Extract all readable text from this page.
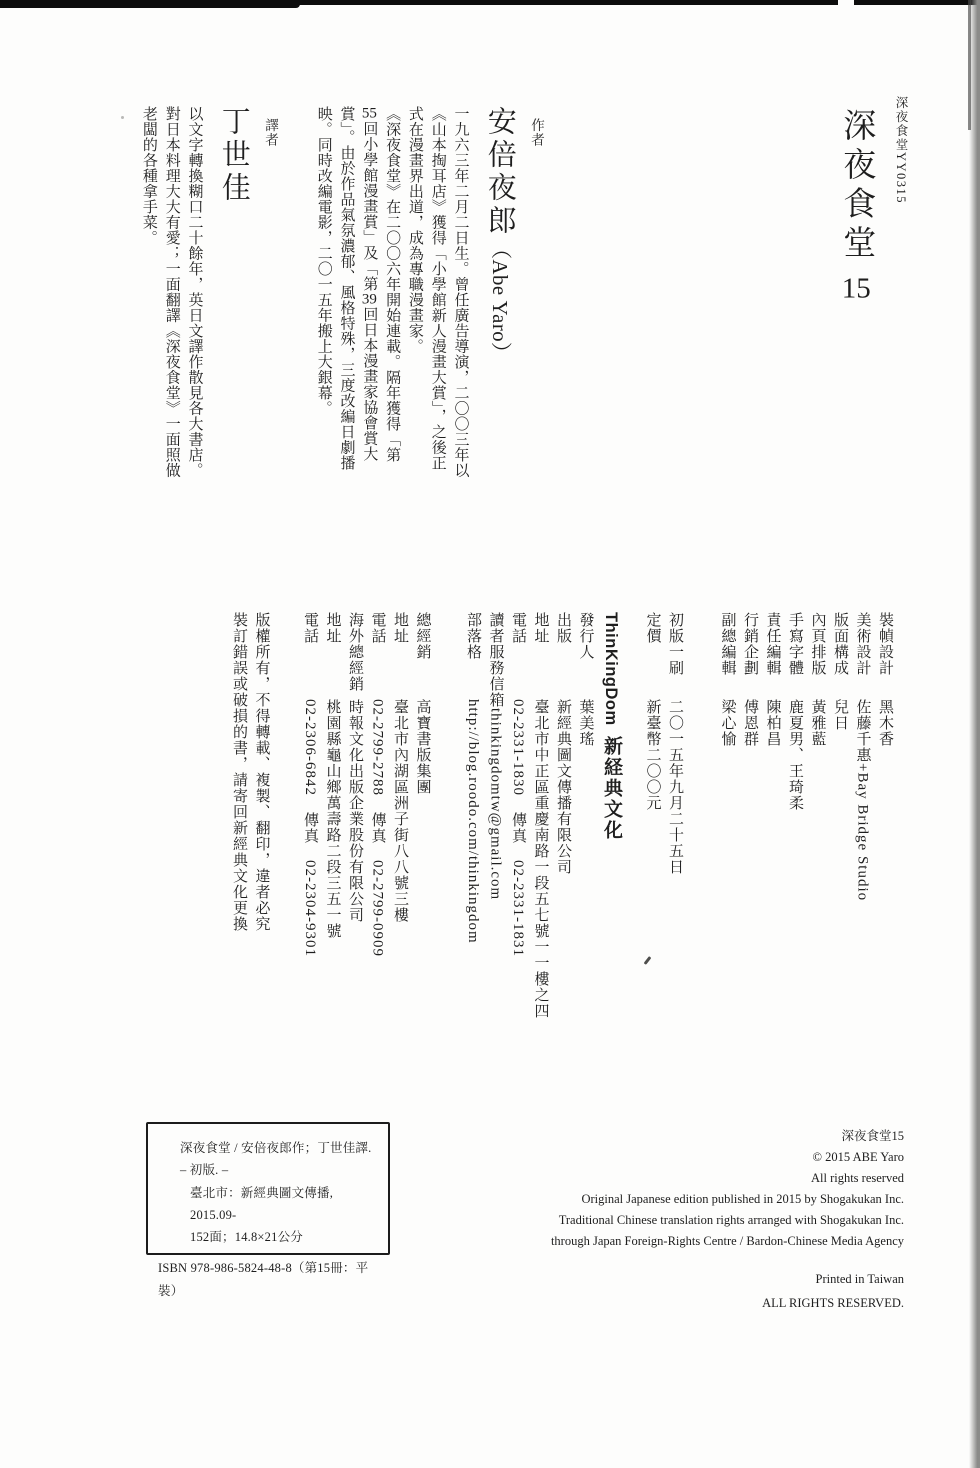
深夜食堂YY0315
深夜食堂15
作者
安倍夜郎（Abe Yaro）
一九六三年二月二日生。曾任廣告導演，二〇〇三年以
《山本掏耳店》獲得「小學館新人漫畫大賞」，之後正
式在漫畫界出道，成為專職漫畫家。
《深夜食堂》在二〇〇六年開始連載。隔年獲得「第
55回小學館漫畫賞」及「第39回日本漫畫家協會賞大
賞」。由於作品氣氛濃郁、風格特殊，三度改編日劇播
映。同時改編電影，二〇一五年搬上大銀幕。
譯者
丁世佳
以文字轉換糊口二十餘年，英日文譯作散見各大書店。
對日本料理大大有愛；一面翻譯《深夜食堂》一面照做
老闆的各種拿手菜。
裝幀設計黑木香
美術設計佐藤千惠+Bay Bridge Studio
版面構成兒日
內頁排版黃雅藍
手寫字體鹿夏男、王琦柔
責任編輯陳柏昌
行銷企劃傅恩群
副總編輯梁心愉
初版一刷二〇一五年九月二十五日
定價新臺幣二〇〇元
ThinKingDom新経典文化
發行人葉美瑤
出版新經典圖文傳播有限公司
地址臺北市中正區重慶南路一段五七號一一樓之四
電話02-2331-1830　傳真　02-2331-1831
讀者服務信箱thinkingdomtw@gmail.com
部落格http://blog.roodo.com/thinkingdom
總經銷高寶書版集團
地址臺北市內湖區洲子街八八號三樓
電話02-2799-2788　傳真　02-2799-0909
海外總經銷時報文化出版企業股份有限公司
地址桃園縣龜山鄉萬壽路二段三五一號
電話02-2306-6842　傳真　02-2304-9301
版權所有，不得轉載、複製、翻印，違者必究
裝訂錯誤或破損的書，請寄回新經典文化更換
深夜食堂 / 安倍夜郎作；丁世佳譯. – 初版. –
臺北市：新經典圖文傳播, 2015.09-
152面；14.8×21公分
ISBN 978-986-5824-48-8（第15冊：平裝）
深夜食堂15
© 2015 ABE Yaro
All rights reserved
Original Japanese edition published in 2015 by Shogakukan Inc.
Traditional Chinese translation rights arranged with Shogakukan Inc.
through Japan Foreign-Rights Centre / Bardon-Chinese Media Agency
Printed in Taiwan
ALL RIGHTS RESERVED.
